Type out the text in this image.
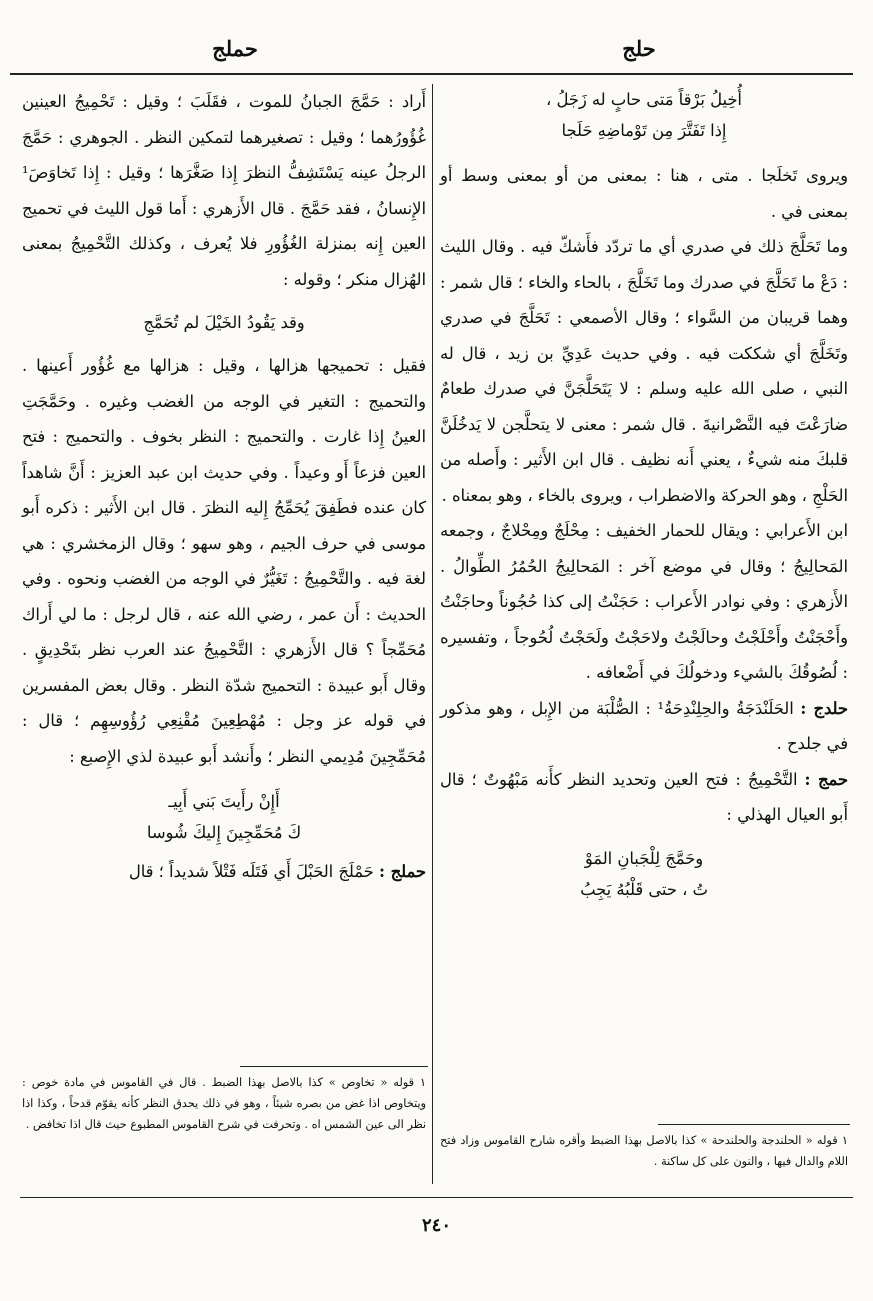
حلج
حملج

أُخِيلُ بَرْقاً مَتى حابٍ له زَجَلُ ،

إِذا تَفَتَّرَ مِن تَوْماضِهِ حَلَجا

ويروى تَخلَجا . متى ، هنا : بمعنى من أو بمعنى وسط أو بمعنى في .

وما تَحَلَّجَ ذلك في صدري أي ما تردّد فأَشكّ فيه . وقال الليث : دَعْ ما تَحَلَّجَ في صدرك وما تَخَلَّجَ ، بالحاء والخاء ؛ قال شمر : وهما قريبان من السَّواء ؛ وقال الأصمعي : تَحَلَّجَ في صدري وتَخَلَّجَ أي شككت فيه . وفي حديث عَدِيِّ بن زيد ، قال له النبي ، صلى الله عليه وسلم : لا يَتَحَلَّجَنَّ في صدرك طعامٌ ضارَعْتَ فيه النَّصْرانيةَ . قال شمر : معنى لا يتحلَّجن لا يَدخُلَنَّ قلبكَ منه شيءٌ ، يعني أَنه نظيف . قال ابن الأَثير : وأَصله من الحَلْجِ ، وهو الحركة والاضطراب ، ويروى بالخاء ، وهو بمعناه .

ابن الأَعرابي : ويقال للحمار الخفيف : مِحْلَجٌ ومِحْلاجٌ ، وجمعه المَحالِيجُ ؛ وقال في موضع آخر : المَحالِيجُ الحُمُرُ الطِّوالُ . الأَزهري : وفي نوادر الأَعراب : حَجَنْتُ إلى كذا حُجُوناً وحاجَنْتُ وأَحْجَنْتُ وأَحْلَجْتُ وحالَجْتُ ولاحَجْتُ ولَحَجْتُ لُحُوجاً ، وتفسيره : لُصُوقُكَ بالشيء ودخولُكَ في أَضْعافه .

حلدج : الحَلَنْدَجَةُ والحِلِنْدِحَةُ¹ : الصُّلْبَة من الإِبل ، وهو مذكور في جلدح .

حمج : التَّحْمِيجُ : فتح العين وتحديد النظر كأَنه مَبْهُوتٌ ؛ قال أَبو العيال الهذلي :

وحَمَّجَ لِلْجَبانِ المَوْ

تُ ، حتى قَلْبُهُ يَجِبُ

١ قوله « الحلندجة والحلندحة » كذا بالاصل بهذا الضبط وأقره شارح القاموس وزاد فتح اللام والدال فيها ، والنون على كل ساكنة .

أَراد : حَمَّجَ الجبانُ للموت ، فقَلَبَ ؛ وقيل : تَحْمِيجُ العينين غُؤُورُهما ؛ وقيل : تصغيرهما لتمكين النظر . الجوهري : حَمَّجَ الرجلُ عينه يَسْتَشِفُّ النظرَ إِذا صَغَّرَها ؛ وقيل : إِذا تَخاوَصَ¹ الإِنسانُ ، فقد حَمَّجَ . قال الأَزهري : أَما قول الليث في تحميج العين إِنه بمنزلة الغُؤُورِ فلا يُعرف ، وكذلك التَّحْمِيجُ بمعنى الهُزال منكر ؛ وقوله :

وقد يَقُودُ الخَيْلَ لم تُحَمَّجِ

فقيل : تحميجها هزالها ، وقيل : هزالها مع غُؤُور أَعينها . والتحميج : التغير في الوجه من الغضب وغيره . وحَمَّجَتِ العينُ إِذا غارت . والتحميج : النظر بخوف . والتحميج : فتح العين فزعاً أَو وعيداً . وفي حديث ابن عبد العزيز : أَنَّ شاهداً كان عنده فطَفِقَ يُحَمِّجُ إِليه النظرَ . قال ابن الأَثير : ذكره أَبو موسى في حرف الجيم ، وهو سهو ؛ وقال الزمخشري : هي لغة فيه . والتَّحْمِيجُ : تَغَيُّرٌ في الوجه من الغضب ونحوه . وفي الحديث : أَن عمر ، رضي الله عنه ، قال لرجل : ما لي أَراك مُحَمِّجاً ؟ قال الأَزهري : التَّحْمِيجُ عند العرب نظر بتَحْدِيقٍ . وقال أَبو عبيدة : التحميج شدّة النظر . وقال بعض المفسرين في قوله عز وجل : مُهْطِعِينَ مُقْنِعِي رُؤُوسِهِم ؛ قال : مُحَمِّجِينَ مُدِيمي النظر ؛ وأَنشد أَبو عبيدة لذي الإِصبع :

أَإِنْ رأَيتَ بَني أَبِيـ

كَ مُحَمِّجِينَ إِليكَ شُوسا

حملج : حَمْلَجَ الحَبْلَ أَي فَتَلَه فَتْلاً شديداً ؛ قال

١ قوله « تخاوص » كذا بالاصل بهذا الضبط . قال في القاموس في مادة خوص : ويتخاوص اذا غض من بصره شيئاً ، وهو في ذلك يحدق النظر كأنه يقوّم قدحاً ، وكذا اذا نظر الى عين الشمس اه . وتحرفت في شرح القاموس المطبوع حيث قال اذا تخافض .
٢٤٠
